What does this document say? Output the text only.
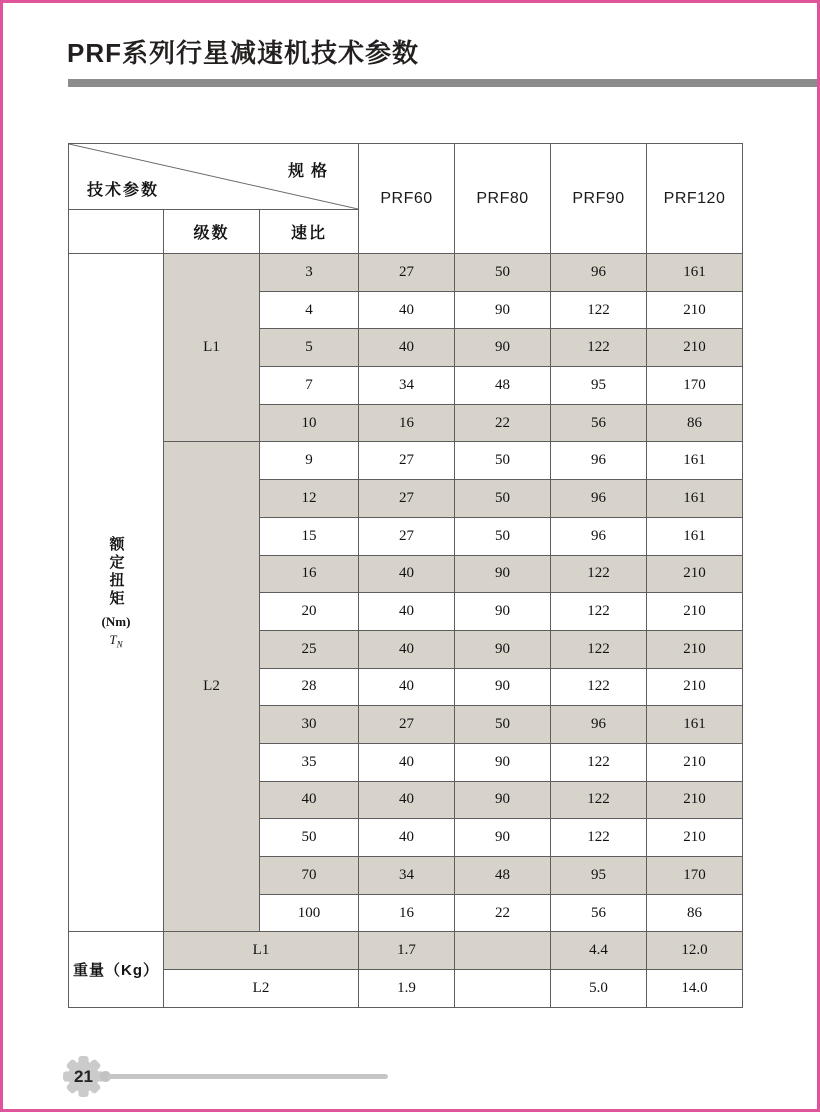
PRF系列行星减速机技术参数
规格
技术参数			PRF60	PRF80	PRF90	PRF120
	级数	速比				

额定扭矩
(Nm)
$T_N$	L1	3	27	50	96	161
		4	40	90	122	210
		5	40	90	122	210
		7	34	48	95	170
		10	16	22	56	86
	L2	9	27	50	96	161
		12	27	50	96	161
		15	27	50	96	161
		16	40	90	122	210
		20	40	90	122	210
		25	40	90	122	210
		28	40	90	122	210
		30	27	50	96	161
		35	40	90	122	210
		40	40	90	122	210
		50	40	90	122	210
		70	34	48	95	170
		100	16	22	56	86
重量（Kg）	L1		1.7		4.4	12.0
	L2		1.9		5.0	14.0
21
